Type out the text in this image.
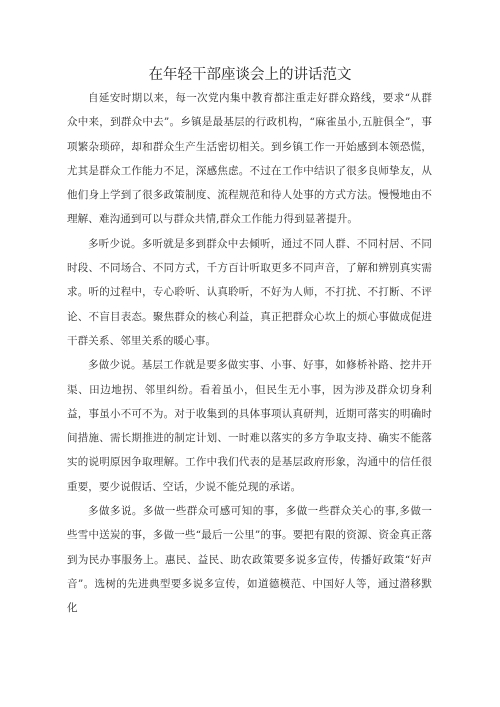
在年轻干部座谈会上的讲话范文

自延安时期以来，每一次党内集中教育都注重走好群众路线，要求“从群众中来，到群众中去”。乡镇是最基层的行政机构，“麻雀虽小,五脏俱全”，事项繁杂琐碎，却和群众生产生活密切相关。到乡镇工作一开始感到本领恐慌，尤其是群众工作能力不足，深感焦虑。不过在工作中结识了很多良师挚友，从他们身上学到了很多政策制度、流程规范和待人处事的方式方法。慢慢地由不理解、难沟通到可以与群众共情,群众工作能力得到显著提升。

多听少说。多听就是多到群众中去倾听，通过不同人群、不同村居、不同时段、不同场合、不同方式，千方百计听取更多不同声音，了解和辨别真实需求。听的过程中，专心聆听、认真聆听，不好为人师，不打扰、不打断、不评论、不盲目表态。聚焦群众的核心利益，真正把群众心坎上的烦心事做成促进干群关系、邻里关系的暖心事。

多做少说。基层工作就是要多做实事、小事、好事，如修桥补路、挖井开渠、田边地拐、邻里纠纷。看着虽小，但民生无小事，因为涉及群众切身利益，事虽小不可不为。对于收集到的具体事项认真研判，近期可落实的明确时间措施、需长期推进的制定计划、一时难以落实的多方争取支持、确实不能落实的说明原因争取理解。工作中我们代表的是基层政府形象，沟通中的信任很重要，要少说假话、空话，少说不能兑现的承诺。

多做多说。多做一些群众可感可知的事，多做一些群众关心的事,多做一些雪中送炭的事，多做一些“最后一公里”的事。要把有限的资源、资金真正落到为民办事服务上。惠民、益民、助农政策要多说多宣传，传播好政策“好声音”。选树的先进典型要多说多宣传，如道德模范、中国好人等，通过潜移默化
